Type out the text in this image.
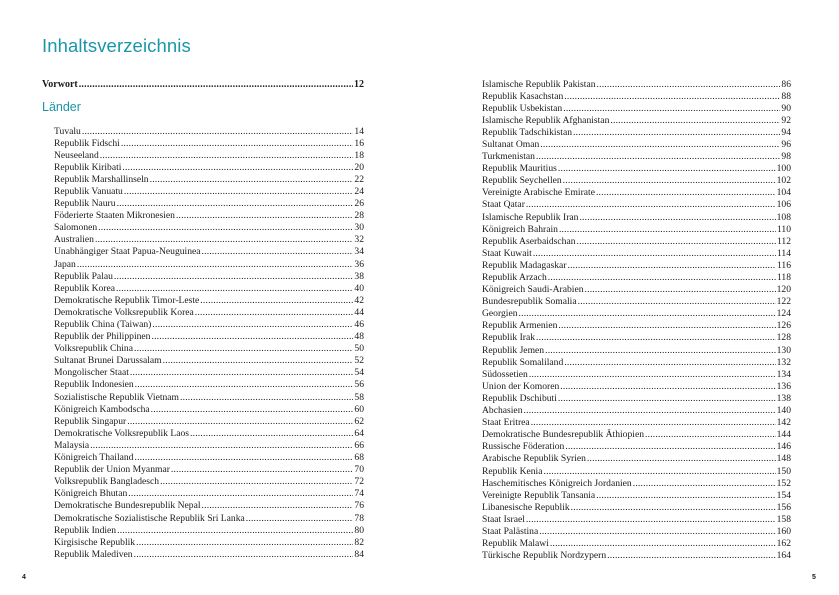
Inhaltsverzeichnis
Vorwort .....	12
Länder
Tuvalu .....	14
Republik Fidschi .....	16
Neuseeland .....	18
Republik Kiribati .....	20
Republik Marshallinseln .....	22
Republik Vanuatu .....	24
Republik Nauru .....	26
Föderierte Staaten Mikronesien .....	28
Salomonen .....	30
Australien .....	32
Unabhängiger Staat Papua-Neuguinea .....	34
Japan .....	36
Republik Palau .....	38
Republik Korea .....	40
Demokratische Republik Timor-Leste .....	42
Demokratische Volksrepublik Korea .....	44
Republik China (Taiwan) .....	46
Republik der Philippinen .....	48
Volksrepublik China .....	50
Sultanat Brunei Darussalam .....	52
Mongolischer Staat .....	54
Republik Indonesien .....	56
Sozialistische Republik Vietnam .....	58
Königreich Kambodscha .....	60
Republik Singapur .....	62
Demokratische Volksrepublik Laos .....	64
Malaysia .....	66
Königreich Thailand .....	68
Republik der Union Myanmar .....	70
Volksrepublik Bangladesch .....	72
Königreich Bhutan .....	74
Demokratische Bundesrepublik Nepal .....	76
Demokratische Sozialistische Republik Sri Lanka .....	78
Republik Indien .....	80
Kirgisische Republik .....	82
Republik Malediven .....	84
Islamische Republik Pakistan .....	86
Republik Kasachstan .....	88
Republik Usbekistan .....	90
Islamische Republik Afghanistan .....	92
Republik Tadschikistan .....	94
Sultanat Oman .....	96
Turkmenistan .....	98
Republik Mauritius .....	100
Republik Seychellen .....	102
Vereinigte Arabische Emirate .....	104
Staat Qatar .....	106
Islamische Republik Iran .....	108
Königreich Bahrain .....	110
Republik Aserbaidschan .....	112
Staat Kuwait .....	114
Republik Madagaskar .....	116
Republik Arzach .....	118
Königreich Saudi-Arabien .....	120
Bundesrepublik Somalia .....	122
Georgien .....	124
Republik Armenien .....	126
Republik Irak .....	128
Republik Jemen .....	130
Republik Somaliland .....	132
Südossetien .....	134
Union der Komoren .....	136
Republik Dschibuti .....	138
Abchasien .....	140
Staat Eritrea .....	142
Demokratische Bundesrepublik Äthiopien .....	144
Russische Föderation .....	146
Arabische Republik Syrien .....	148
Republik Kenia .....	150
Haschemitisches Königreich Jordanien .....	152
Vereinigte Republik Tansania .....	154
Libanesische Republik .....	156
Staat Israel .....	158
Staat Palästina .....	160
Republik Malawi .....	162
Türkische Republik Nordzypern .....	164
4	5
